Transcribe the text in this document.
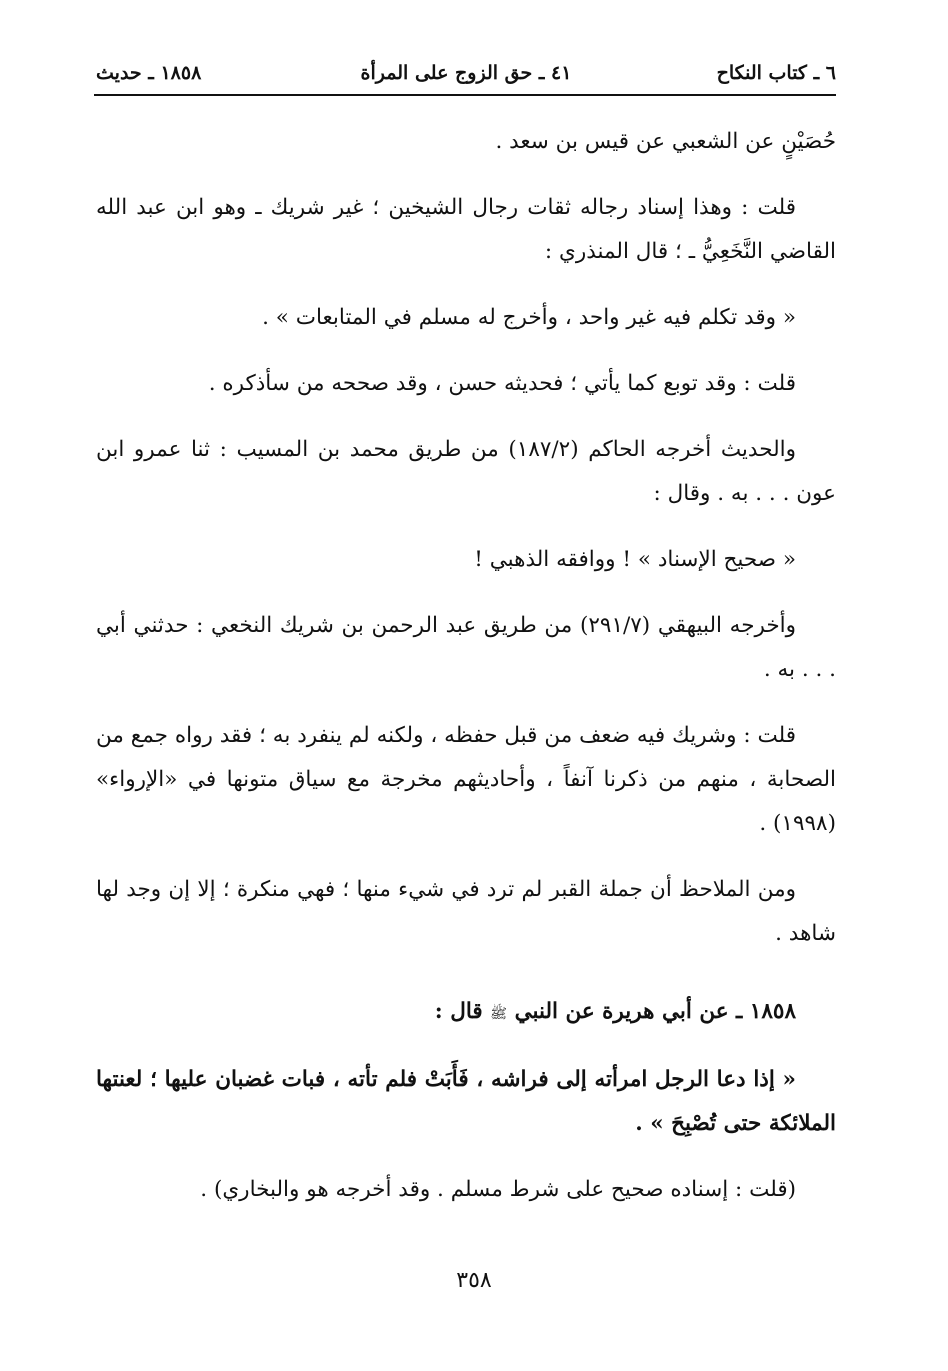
٦ ـ كتاب النكاح
٤١ ـ حق الزوج على المرأة
١٨٥٨ ـ حديث

حُصَيْنٍ عن الشعبي عن قيس بن سعد .

قلت : وهذا إسناد رجاله ثقات رجال الشيخين ؛ غير شريك ـ وهو ابن عبد الله القاضي النَّخَعِيُّ ـ ؛ قال المنذري :

« وقد تكلم فيه غير واحد ، وأخرج له مسلم في المتابعات » .

قلت : وقد توبع كما يأتي ؛ فحديثه حسن ، وقد صححه من سأذكره .

والحديث أخرجه الحاكم (١٨٧/٢) من طريق محمد بن المسيب : ثنا عمرو ابن عون . . . به . وقال :

« صحيح الإسناد » ! ووافقه الذهبي !

وأخرجه البيهقي (٢٩١/٧) من طريق عبد الرحمن بن شريك النخعي : حدثني أبي . . . به .

قلت : وشريك فيه ضعف من قبل حفظه ، ولكنه لم ينفرد به ؛ فقد رواه جمع من الصحابة ، منهم من ذكرنا آنفاً ، وأحاديثهم مخرجة مع سياق متونها في «الإرواء» (١٩٩٨) .

ومن الملاحظ أن جملة القبر لم ترد في شيء منها ؛ فهي منكرة ؛ إلا إن وجد لها شاهد .

١٨٥٨ ـ عن أبي هريرة عن النبي ﷺ قال :

« إذا دعا الرجل امرأته إلى فراشه ، فَأَبَتْ فلم تأته ، فبات غضبان عليها ؛ لعنتها الملائكة حتى تُصْبِحَ » .

(قلت : إسناده صحيح على شرط مسلم . وقد أخرجه هو والبخاري) .

٣٥٨
